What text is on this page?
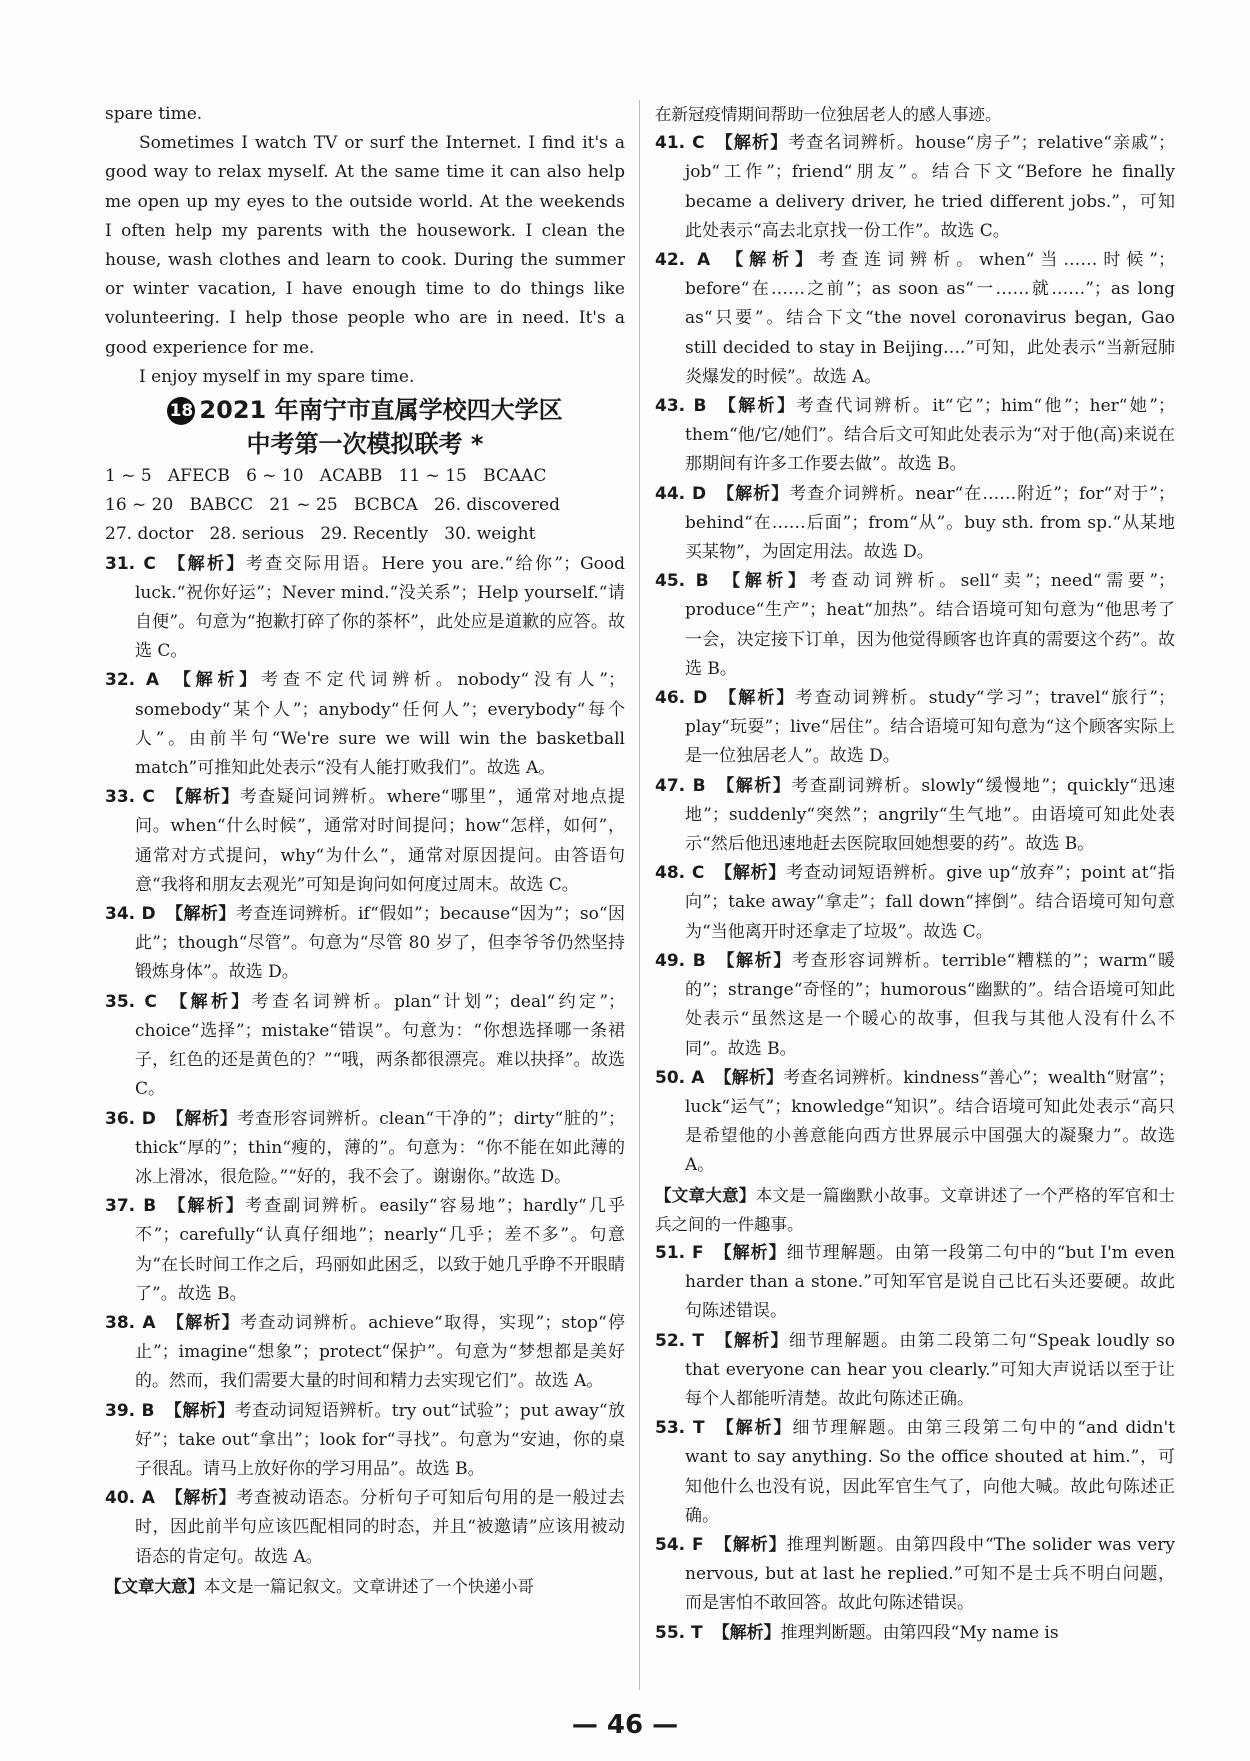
spare time.

Sometimes I watch TV or surf the Internet. I find it's a good way to relax myself. At the same time it can also help me open up my eyes to the outside world. At the weekends I often help my parents with the housework. I clean the house, wash clothes and learn to cook. During the summer or winter vacation, I have enough time to do things like volunteering. I help those people who are in need. It's a good experience for me.

I enjoy myself in my spare time.

18 2021 年南宁市直属学校四大学区
中考第一次模拟联考 *

1 ~ 5   AFECB   6 ~ 10   ACABB   11 ~ 15   BCAAC

16 ~ 20   BABCC   21 ~ 25   BCBCA   26. discovered

27. doctor   28. serious   29. Recently   30. weight

31. C 【解析】考查交际用语。Here you are.“给你”；Good luck.“祝你好运”；Never mind.“没关系”；Help yourself.“请自便”。句意为“抱歉打碎了你的茶杯”，此处应是道歉的应答。故选 C。

32. A 【解析】考查不定代词辨析。nobody“没有人”；somebody“某个人”；anybody“任何人”；everybody“每个人”。由前半句“We're sure we will win the basketball match”可推知此处表示“没有人能打败我们”。故选 A。

33. C 【解析】考查疑问词辨析。where“哪里”，通常对地点提问。when“什么时候”，通常对时间提问；how“怎样，如何”，通常对方式提问，why“为什么”，通常对原因提问。由答语句意“我将和朋友去观光”可知是询问如何度过周末。故选 C。

34. D 【解析】考查连词辨析。if“假如”；because“因为”；so“因此”；though“尽管”。句意为“尽管 80 岁了，但李爷爷仍然坚持锻炼身体”。故选 D。

35. C 【解析】考查名词辨析。plan“计划”；deal“约定”；choice“选择”；mistake“错误”。句意为：“你想选择哪一条裙子，红色的还是黄色的？”“哦，两条都很漂亮。难以抉择”。故选 C。

36. D 【解析】考查形容词辨析。clean“干净的”；dirty“脏的”；thick“厚的”；thin“瘦的，薄的”。句意为：“你不能在如此薄的冰上滑冰，很危险。”“好的，我不会了。谢谢你。”故选 D。

37. B 【解析】考查副词辨析。easily“容易地”；hardly“几乎不”；carefully“认真仔细地”；nearly“几乎；差不多”。句意为“在长时间工作之后，玛丽如此困乏，以致于她几乎睁不开眼睛了”。故选 B。

38. A 【解析】考查动词辨析。achieve“取得，实现”；stop“停止”；imagine“想象”；protect“保护”。句意为“梦想都是美好的。然而，我们需要大量的时间和精力去实现它们”。故选 A。

39. B 【解析】考查动词短语辨析。try out“试验”；put away“放好”；take out“拿出”；look for“寻找”。句意为“安迪，你的桌子很乱。请马上放好你的学习用品”。故选 B。

40. A 【解析】考查被动语态。分析句子可知后句用的是一般过去时，因此前半句应该匹配相同的时态，并且“被邀请”应该用被动语态的肯定句。故选 A。

【文章大意】本文是一篇记叙文。文章讲述了一个快递小哥

在新冠疫情期间帮助一位独居老人的感人事迹。

41. C 【解析】考查名词辨析。house“房子”；relative“亲戚”；job“工作”；friend“朋友”。结合下文“Before he finally became a delivery driver, he tried different jobs.”，可知此处表示“高去北京找一份工作”。故选 C。

42. A 【解析】考查连词辨析。when“当……时候”；before“在……之前”；as soon as“一……就……”；as long as“只要”。结合下文“the novel coronavirus began, Gao still decided to stay in Beijing….”可知，此处表示“当新冠肺炎爆发的时候”。故选 A。

43. B 【解析】考查代词辨析。it“它”；him“他”；her“她”；them“他/它/她们”。结合后文可知此处表示为“对于他(高)来说在那期间有许多工作要去做”。故选 B。

44. D 【解析】考查介词辨析。near“在……附近”；for“对于”；behind“在……后面”；from“从”。buy sth. from sp.“从某地买某物”，为固定用法。故选 D。

45. B 【解析】考查动词辨析。sell“卖”；need“需要”；produce“生产”；heat“加热”。结合语境可知句意为“他思考了一会，决定接下订单，因为他觉得顾客也许真的需要这个药”。故选 B。

46. D 【解析】考查动词辨析。study“学习”；travel“旅行”；play“玩耍”；live“居住”。结合语境可知句意为“这个顾客实际上是一位独居老人”。故选 D。

47. B 【解析】考查副词辨析。slowly“缓慢地”；quickly“迅速地”；suddenly“突然”；angrily“生气地”。由语境可知此处表示“然后他迅速地赶去医院取回她想要的药”。故选 B。

48. C 【解析】考查动词短语辨析。give up“放弃”；point at“指向”；take away“拿走”；fall down“摔倒”。结合语境可知句意为“当他离开时还拿走了垃圾”。故选 C。

49. B 【解析】考查形容词辨析。terrible“糟糕的”；warm“暖的”；strange“奇怪的”；humorous“幽默的”。结合语境可知此处表示“虽然这是一个暖心的故事，但我与其他人没有什么不同”。故选 B。

50. A 【解析】考查名词辨析。kindness“善心”；wealth“财富”；luck“运气”；knowledge“知识”。结合语境可知此处表示“高只是希望他的小善意能向西方世界展示中国强大的凝聚力”。故选 A。

【文章大意】本文是一篇幽默小故事。文章讲述了一个严格的军官和士兵之间的一件趣事。

51. F 【解析】细节理解题。由第一段第二句中的“but I'm even harder than a stone.”可知军官是说自己比石头还要硬。故此句陈述错误。

52. T 【解析】细节理解题。由第二段第二句“Speak loudly so that everyone can hear you clearly.”可知大声说话以至于让每个人都能听清楚。故此句陈述正确。

53. T 【解析】细节理解题。由第三段第二句中的“and didn't want to say anything. So the office shouted at him.”，可知他什么也没有说，因此军官生气了，向他大喊。故此句陈述正确。

54. F 【解析】推理判断题。由第四段中“The solider was very nervous, but at last he replied.”可知不是士兵不明白问题，而是害怕不敢回答。故此句陈述错误。

55. T 【解析】推理判断题。由第四段“My name is

— 46 —
